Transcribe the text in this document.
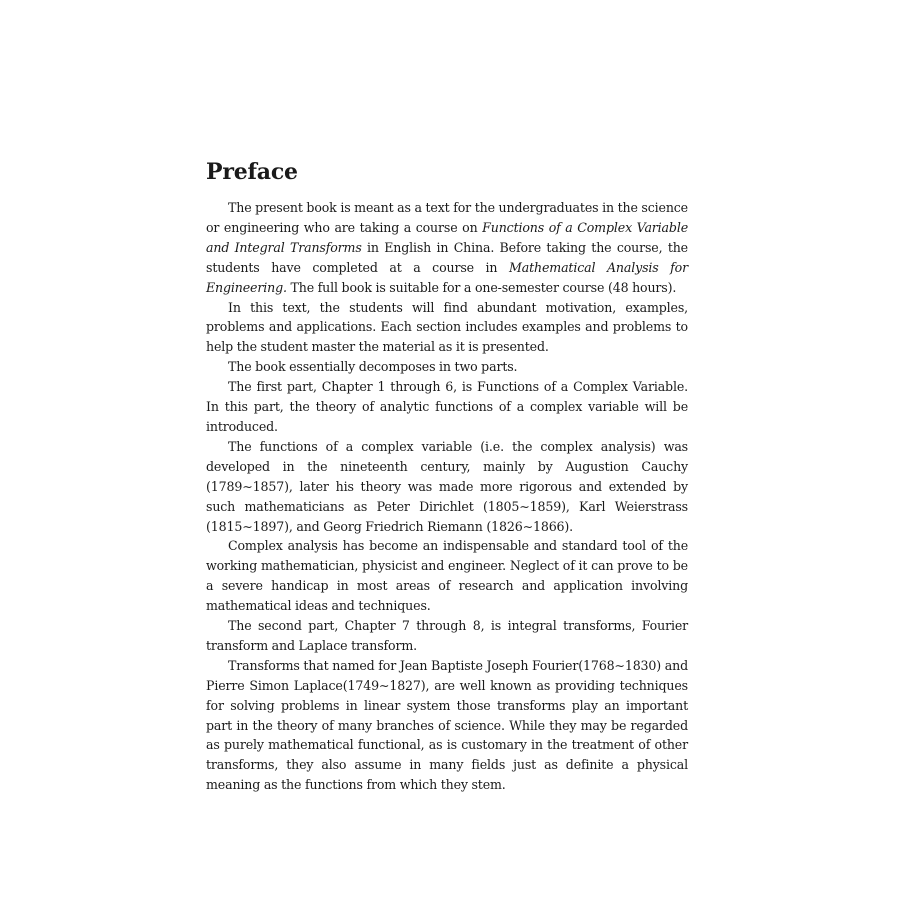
Preface

The present book is meant as a text for the undergraduates in the science or engineering who are taking a course on Functions of a Complex Variable and Integral Transforms in English in China. Before taking the course, the students have completed at a course in Mathematical Analysis for Engineering. The full book is suitable for a one-semester course (48 hours).

In this text, the students will find abundant motivation, examples, problems and applications. Each section includes examples and problems to help the student master the material as it is presented.

The book essentially decomposes in two parts.

The first part, Chapter 1 through 6, is Functions of a Complex Variable. In this part, the theory of analytic functions of a complex variable will be introduced.

The functions of a complex variable (i.e. the complex analysis) was developed in the nineteenth century, mainly by Augustion Cauchy (1789∼1857), later his theory was made more rigorous and extended by such mathematicians as Peter Dirichlet (1805∼1859), Karl Weierstrass (1815∼1897), and Georg Friedrich Riemann (1826∼1866).

Complex analysis has become an indispensable and standard tool of the working mathematician, physicist and engineer. Neglect of it can prove to be a severe handicap in most areas of research and application involving mathematical ideas and techniques.

The second part, Chapter 7 through 8, is integral transforms, Fourier transform and Laplace transform.

Transforms that named for Jean Baptiste Joseph Fourier(1768∼1830) and Pierre Simon Laplace(1749∼1827), are well known as providing techniques for solving problems in linear system those transforms play an important part in the theory of many branches of science. While they may be regarded as purely mathematical functional, as is customary in the treatment of other transforms, they also assume in many fields just as definite a physical meaning as the functions from which they stem.
